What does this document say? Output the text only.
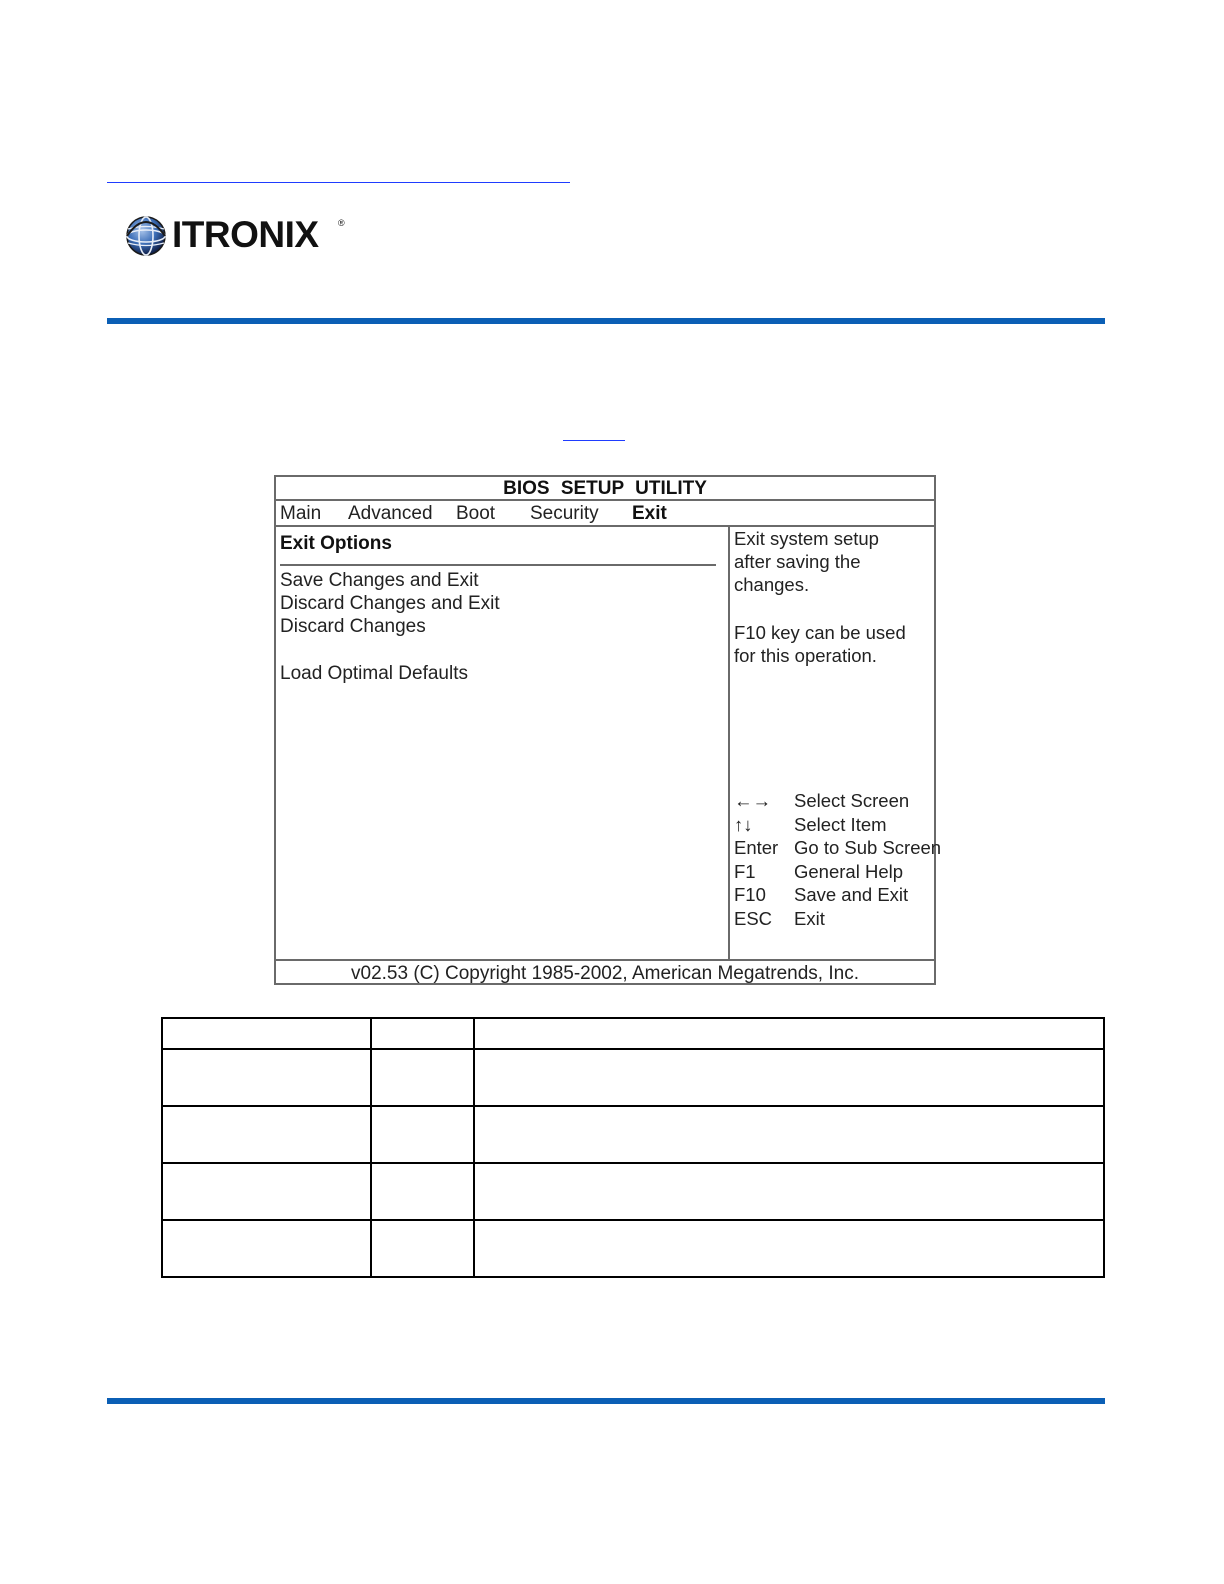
ITRONIX ®
BIOS SETUP UTILITY
Main Advanced Boot Security Exit
Exit Options
Save Changes and Exit
Discard Changes and Exit
Discard Changes
Load Optimal Defaults
Exit system setup
after saving the
changes.
F10 key can be used
for this operation.
←→ Select Screen
↑↓ Select Item
Enter Go to Sub Screen
F1 General Help
F10 Save and Exit
ESC Exit
v02.53 (C) Copyright 1985-2002, American Megatrends, Inc.
